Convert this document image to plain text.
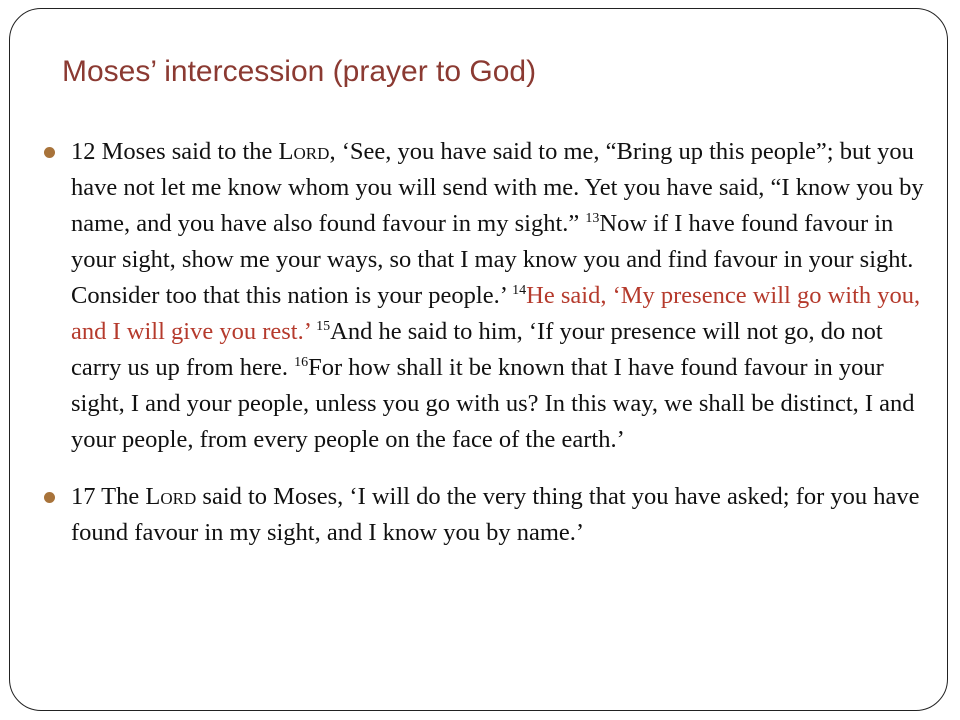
Moses’ intercession (prayer to God)
12 Moses said to the Lord, ‘See, you have said to me, “Bring up this people”; but you have not let me know whom you will send with me. Yet you have said, “I know you by name, and you have also found favour in my sight.” $^{13}$Now if I have found favour in your sight, show me your ways, so that I may know you and find favour in your sight. Consider too that this nation is your people.’ $^{14}$He said, ‘My presence will go with you, and I will give you rest.’ $^{15}$And he said to him, ‘If your presence will not go, do not carry us up from here. $^{16}$For how shall it be known that I have found favour in your sight, I and your people, unless you go with us? In this way, we shall be distinct, I and your people, from every people on the face of the earth.’
17 The Lord said to Moses, ‘I will do the very thing that you have asked; for you have found favour in my sight, and I know you by name.’
